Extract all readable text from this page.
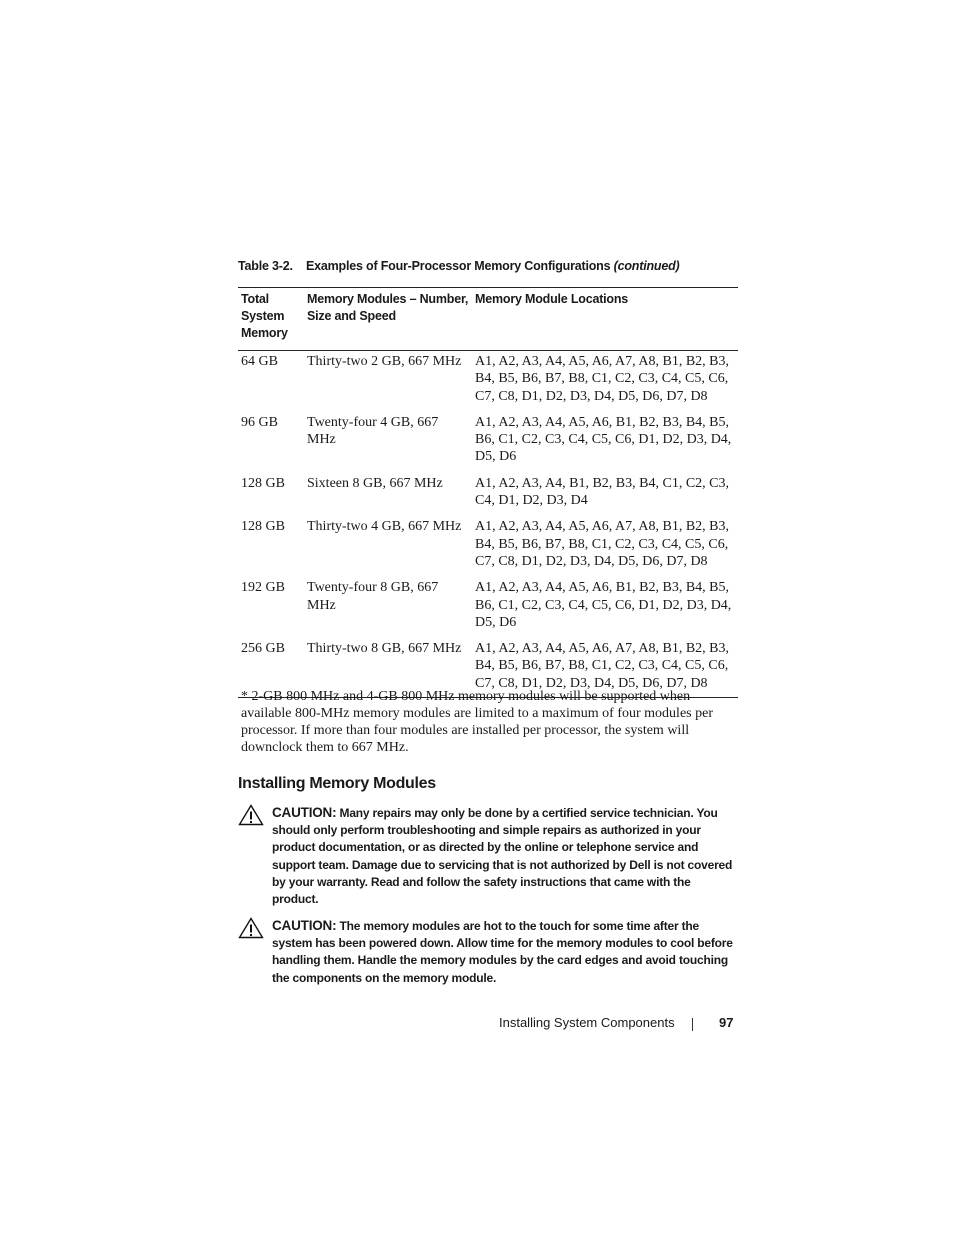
Table 3-2. Examples of Four-Processor Memory Configurations (continued)
Total System Memory	Memory Modules – Number, Size and Speed	Memory Module Locations
64 GB	Thirty-two 2 GB, 667 MHz	A1, A2, A3, A4, A5, A6, A7, A8, B1, B2, B3, B4, B5, B6, B7, B8, C1, C2, C3, C4, C5, C6, C7, C8, D1, D2, D3, D4, D5, D6, D7, D8
96 GB	Twenty-four 4 GB, 667 MHz	A1, A2, A3, A4, A5, A6, B1, B2, B3, B4, B5, B6, C1, C2, C3, C4, C5, C6, D1, D2, D3, D4, D5, D6
128 GB	Sixteen 8 GB, 667 MHz	A1, A2, A3, A4, B1, B2, B3, B4, C1, C2, C3, C4, D1, D2, D3, D4
128 GB	Thirty-two 4 GB, 667 MHz	A1, A2, A3, A4, A5, A6, A7, A8, B1, B2, B3, B4, B5, B6, B7, B8, C1, C2, C3, C4, C5, C6, C7, C8, D1, D2, D3, D4, D5, D6, D7, D8
192 GB	Twenty-four 8 GB, 667 MHz	A1, A2, A3, A4, A5, A6, B1, B2, B3, B4, B5, B6, C1, C2, C3, C4, C5, C6, D1, D2, D3, D4, D5, D6
256 GB	Thirty-two 8 GB, 667 MHz	A1, A2, A3, A4, A5, A6, A7, A8, B1, B2, B3, B4, B5, B6, B7, B8, C1, C2, C3, C4, C5, C6, C7, C8, D1, D2, D3, D4, D5, D6, D7, D8
* 2-GB 800 MHz and 4-GB 800 MHz memory modules will be supported when available 800-MHz memory modules are limited to a maximum of four modules per processor. If more than four modules are installed per processor, the system will downclock them to 667 MHz.
Installing Memory Modules
CAUTION: Many repairs may only be done by a certified service technician. You should only perform troubleshooting and simple repairs as authorized in your product documentation, or as directed by the online or telephone service and support team. Damage due to servicing that is not authorized by Dell is not covered by your warranty. Read and follow the safety instructions that came with the product.
CAUTION: The memory modules are hot to the touch for some time after the system has been powered down. Allow time for the memory modules to cool before handling them. Handle the memory modules by the card edges and avoid touching the components on the memory module.
Installing System Components	97
